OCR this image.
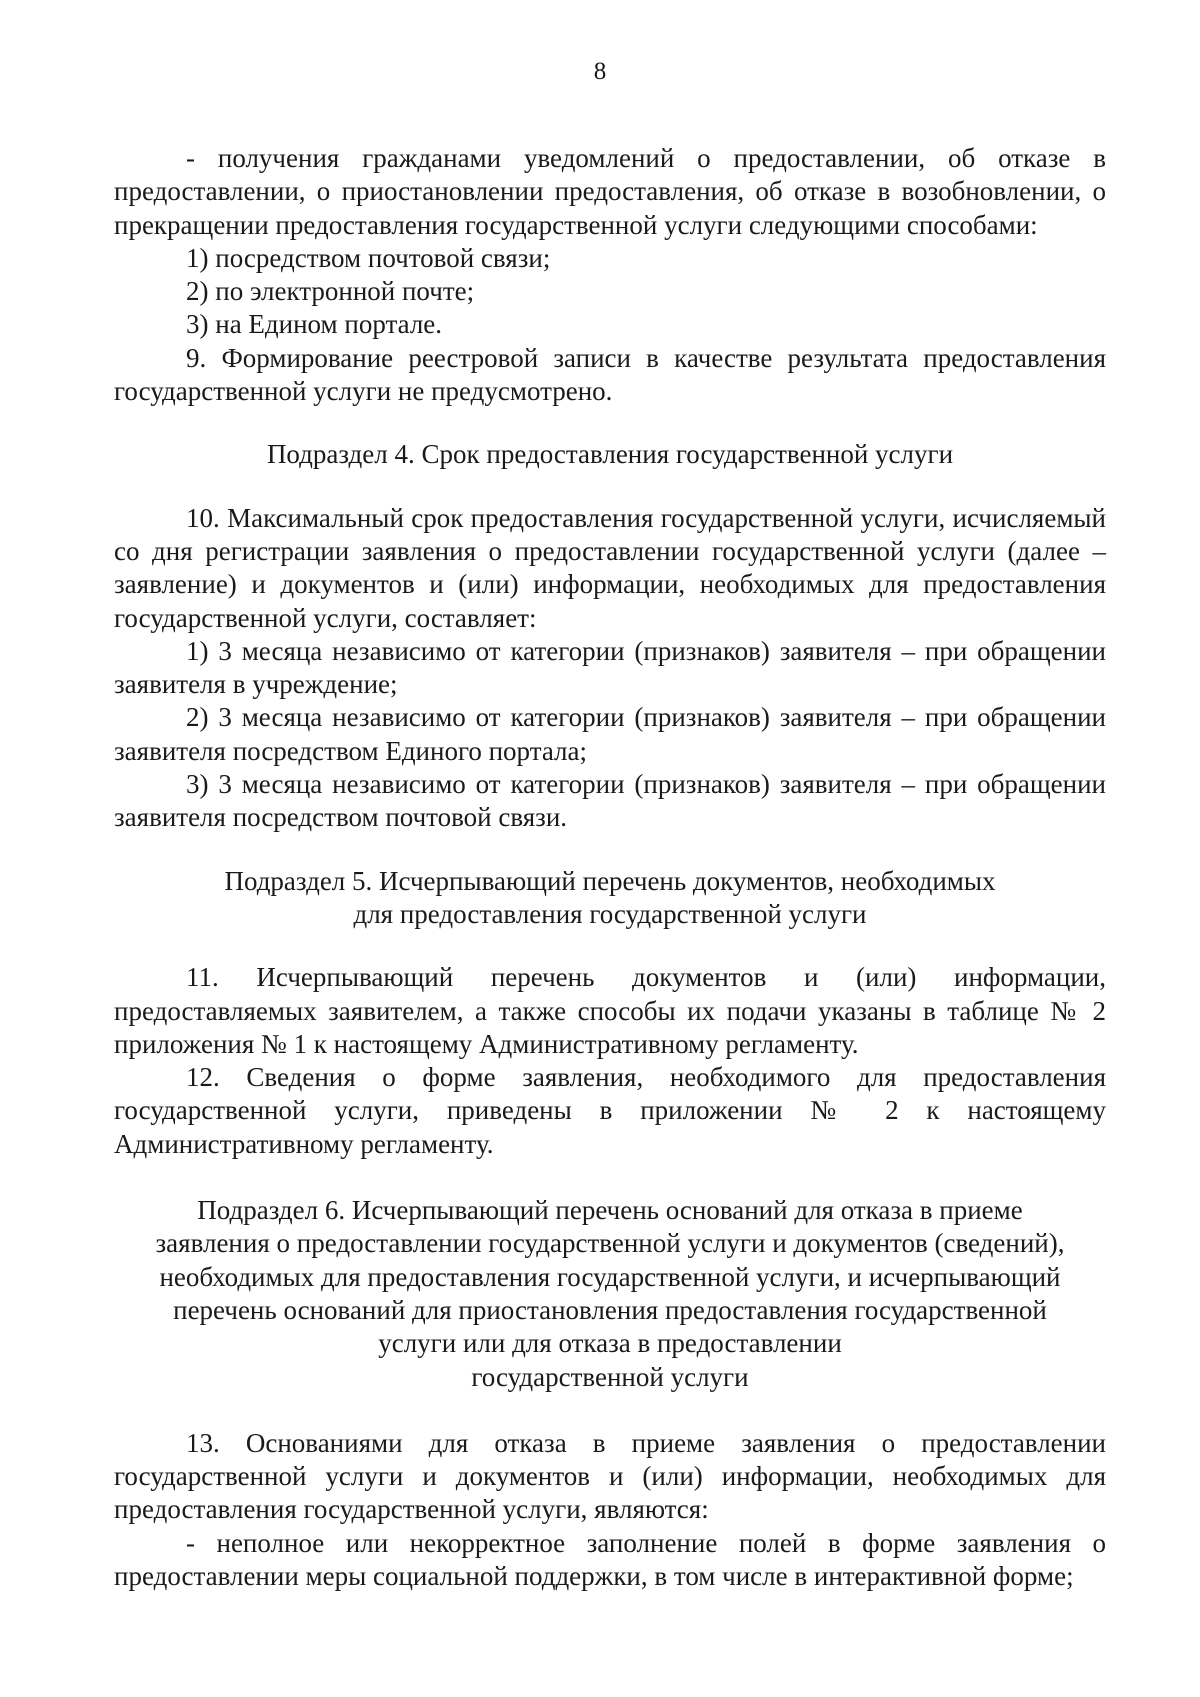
8

- получения гражданами уведомлений о предоставлении, об отказе в предоставлении, о приостановлении предоставления, об отказе в возобновлении, о прекращении предоставления государственной услуги следующими способами:

1) посредством почтовой связи;

2) по электронной почте;

3) на Едином портале.

9. Формирование реестровой записи в качестве результата предоставления государственной услуги не предусмотрено.

Подраздел 4. Срок предоставления государственной услуги

10. Максимальный срок предоставления государственной услуги, исчисляемый со дня регистрации заявления о предоставлении государственной услуги (далее – заявление) и документов и (или) информации, необходимых для предоставления государственной услуги, составляет:

1) 3 месяца независимо от категории (признаков) заявителя – при обращении заявителя в учреждение;

2) 3 месяца независимо от категории (признаков) заявителя – при обращении заявителя посредством Единого портала;

3) 3 месяца независимо от категории (признаков) заявителя – при обращении заявителя посредством почтовой связи.

Подраздел 5. Исчерпывающий перечень документов, необходимых

для предоставления государственной услуги

11. Исчерпывающий перечень документов и (или) информации, предоставляемых заявителем, а также способы их подачи указаны в таблице № 2 приложения № 1 к настоящему Административному регламенту.

12. Сведения о форме заявления, необходимого для предоставления государственной услуги, приведены в приложении № 2 к настоящему Административному регламенту.

Подраздел 6. Исчерпывающий перечень оснований для отказа в приеме

заявления о предоставлении государственной услуги и документов (сведений),

необходимых для предоставления государственной услуги, и исчерпывающий

перечень оснований для приостановления предоставления государственной

услуги или для отказа в предоставлении

государственной услуги

13. Основаниями для отказа в приеме заявления о предоставлении государственной услуги и документов и (или) информации, необходимых для предоставления государственной услуги, являются:

- неполное или некорректное заполнение полей в форме заявления о предоставлении меры социальной поддержки, в том числе в интерактивной форме;
